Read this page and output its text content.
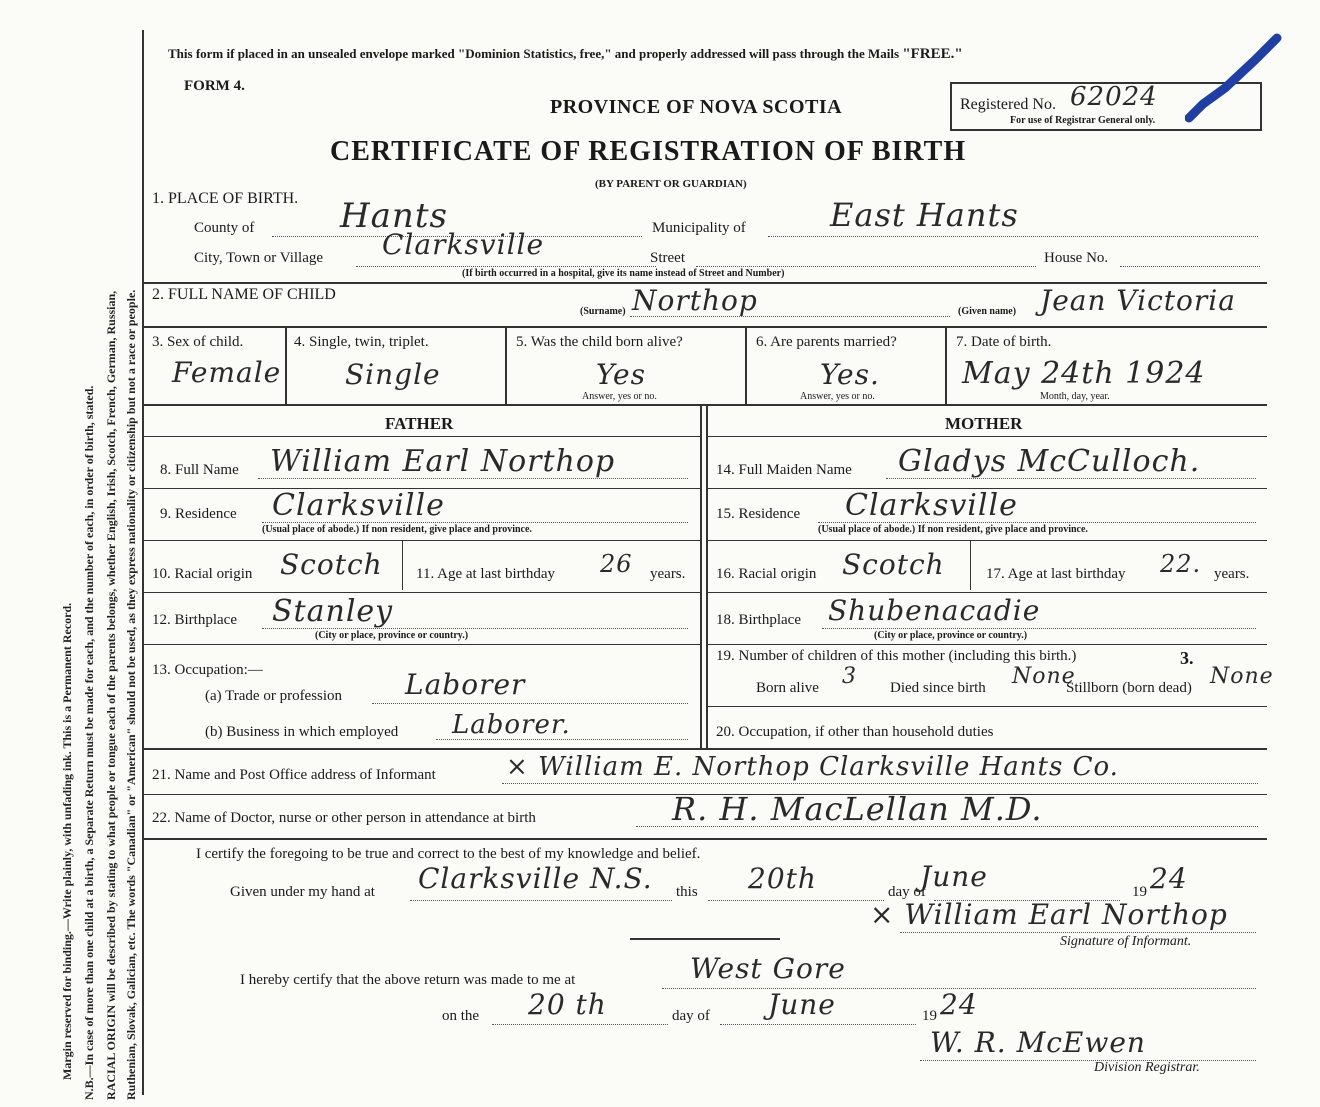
Margin reserved for binding.—Write plainly, with unfading ink. This is a Permanent Record. N.B.—In case of more than one child at a birth, a Separate Return must be made for each, and the number of each, in order of birth, stated. RACIAL ORIGIN will be described by stating to what people or tongue each of the parents belongs, whether English, Irish, Scotch, French, German, Russian, Ruthenian, Slovak, Galician, etc. The words "Canadian" or "American" should not be used, as they express nationality or citizenship but not a race or people.
This form if placed in an unsealed envelope marked "Dominion Statistics, free," and properly addressed will pass through the Mails "FREE."
FORM 4.
PROVINCE OF NOVA SCOTIA
CERTIFICATE OF REGISTRATION OF BIRTH
(BY PARENT OR GUARDIAN)
Registered No. 62024
For use of Registrar General only.
1. PLACE OF BIRTH.
County of	Hants	Municipality of	East Hants
City, Town or Village Clarksville	Street	House No.
(If birth occurred in a hospital, give its name instead of Street and Number)
2. FULL NAME OF CHILD	Northop
(Surname)	(Given name) Jean Victoria
3. Sex of child.
Female
4. Single, twin, triplet.
Single
5. Was the child born alive?
Yes
Answer, yes or no.
6. Are parents married?
Yes.
Answer, yes or no.
7. Date of birth.
May 24th 1924
Month, day, year.
FATHER	MOTHER
8. Full Name William Earl Northop
9. Residence Clarksville
(Usual place of abode.) If non resident, give place and province.
10. Racial origin Scotch 11. Age at last birthday 26 years.
12. Birthplace Stanley
(City or place, province or country.)
13. Occupation:—
(a) Trade or profession Laborer
(b) Business in which employed Laborer.
14. Full Maiden Name Gladys McCulloch.
15. Residence Clarksville
(Usual place of abode.) If non resident, give place and province.
16. Racial origin Scotch	17. Age at last birthday 22. years.
18. Birthplace Shubenacadie
(City or place, province or country.)
19. Number of children of this mother (including this birth.)	3.
Born alive 3 Died since birth None
Stillborn (born dead) None
20. Occupation, if other than household duties
21. Name and Post Office address of Informant	× William E. Northop Clarksville Hants Co.
22. Name of Doctor, nurse or other person in attendance at birth	R. H. MacLellan M.D.
I certify the foregoing to be true and correct to the best of my knowledge and belief.
Given under my hand at Clarksville N.S. this 20th	day of
June	19 24
× William Earl Northop
Signature of Informant.
I hereby certify that the above return was made to me at	West Gore
on the 20 th	day of June	19 24
W. R. McEwen
Division Registrar.
